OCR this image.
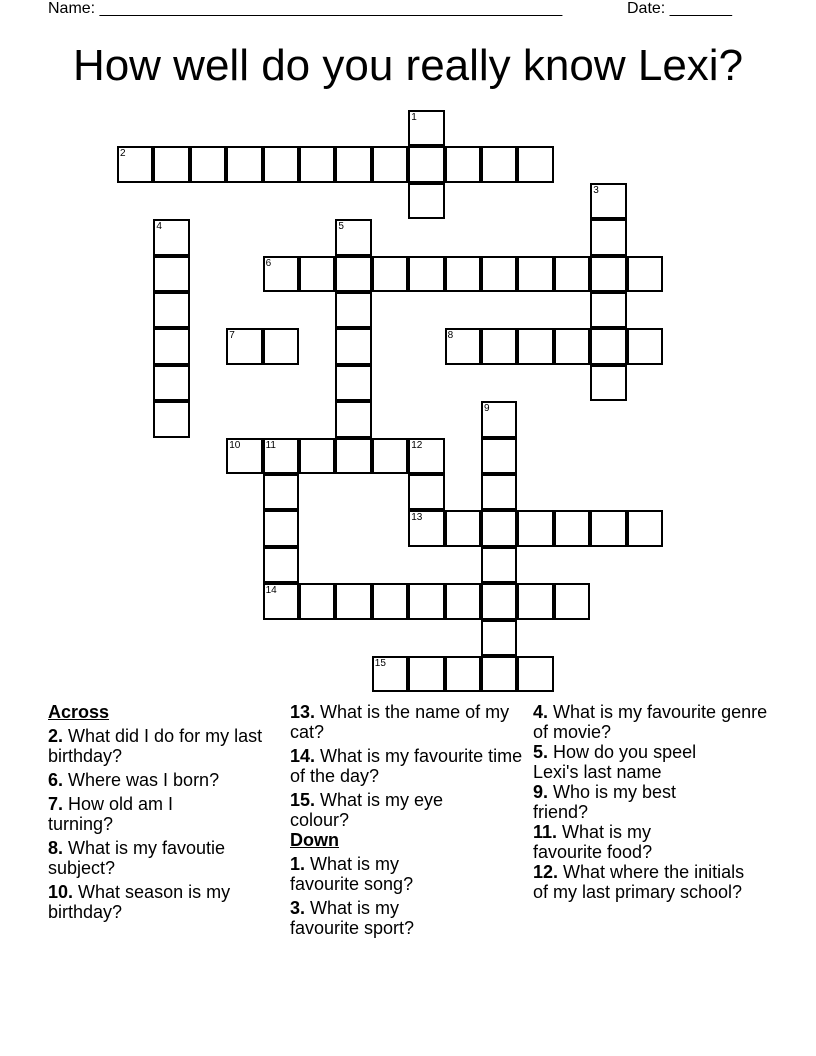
Name: ____________________________________________________	Date: _______
How well do you really know Lexi?
1
2
3
4	5
6
7	8
9
10	11	12
14
13
15
Across
2. What did I do for my last birthday?
6. Where was I born?
7. How old am I turning?
8. What is my favoutie subject?
10. What season is my birthday?
13. What is the name of my cat?
14. What is my favourite time of the day?
15. What is my eye colour?
Down
1. What is my favourite song?
3. What is my favourite sport?
4. What is my favourite genre of movie?
5. How do you speel Lexi's last name
9. Who is my best friend?
11. What is my favourite food?
12. What where the initials of my last primary school?
